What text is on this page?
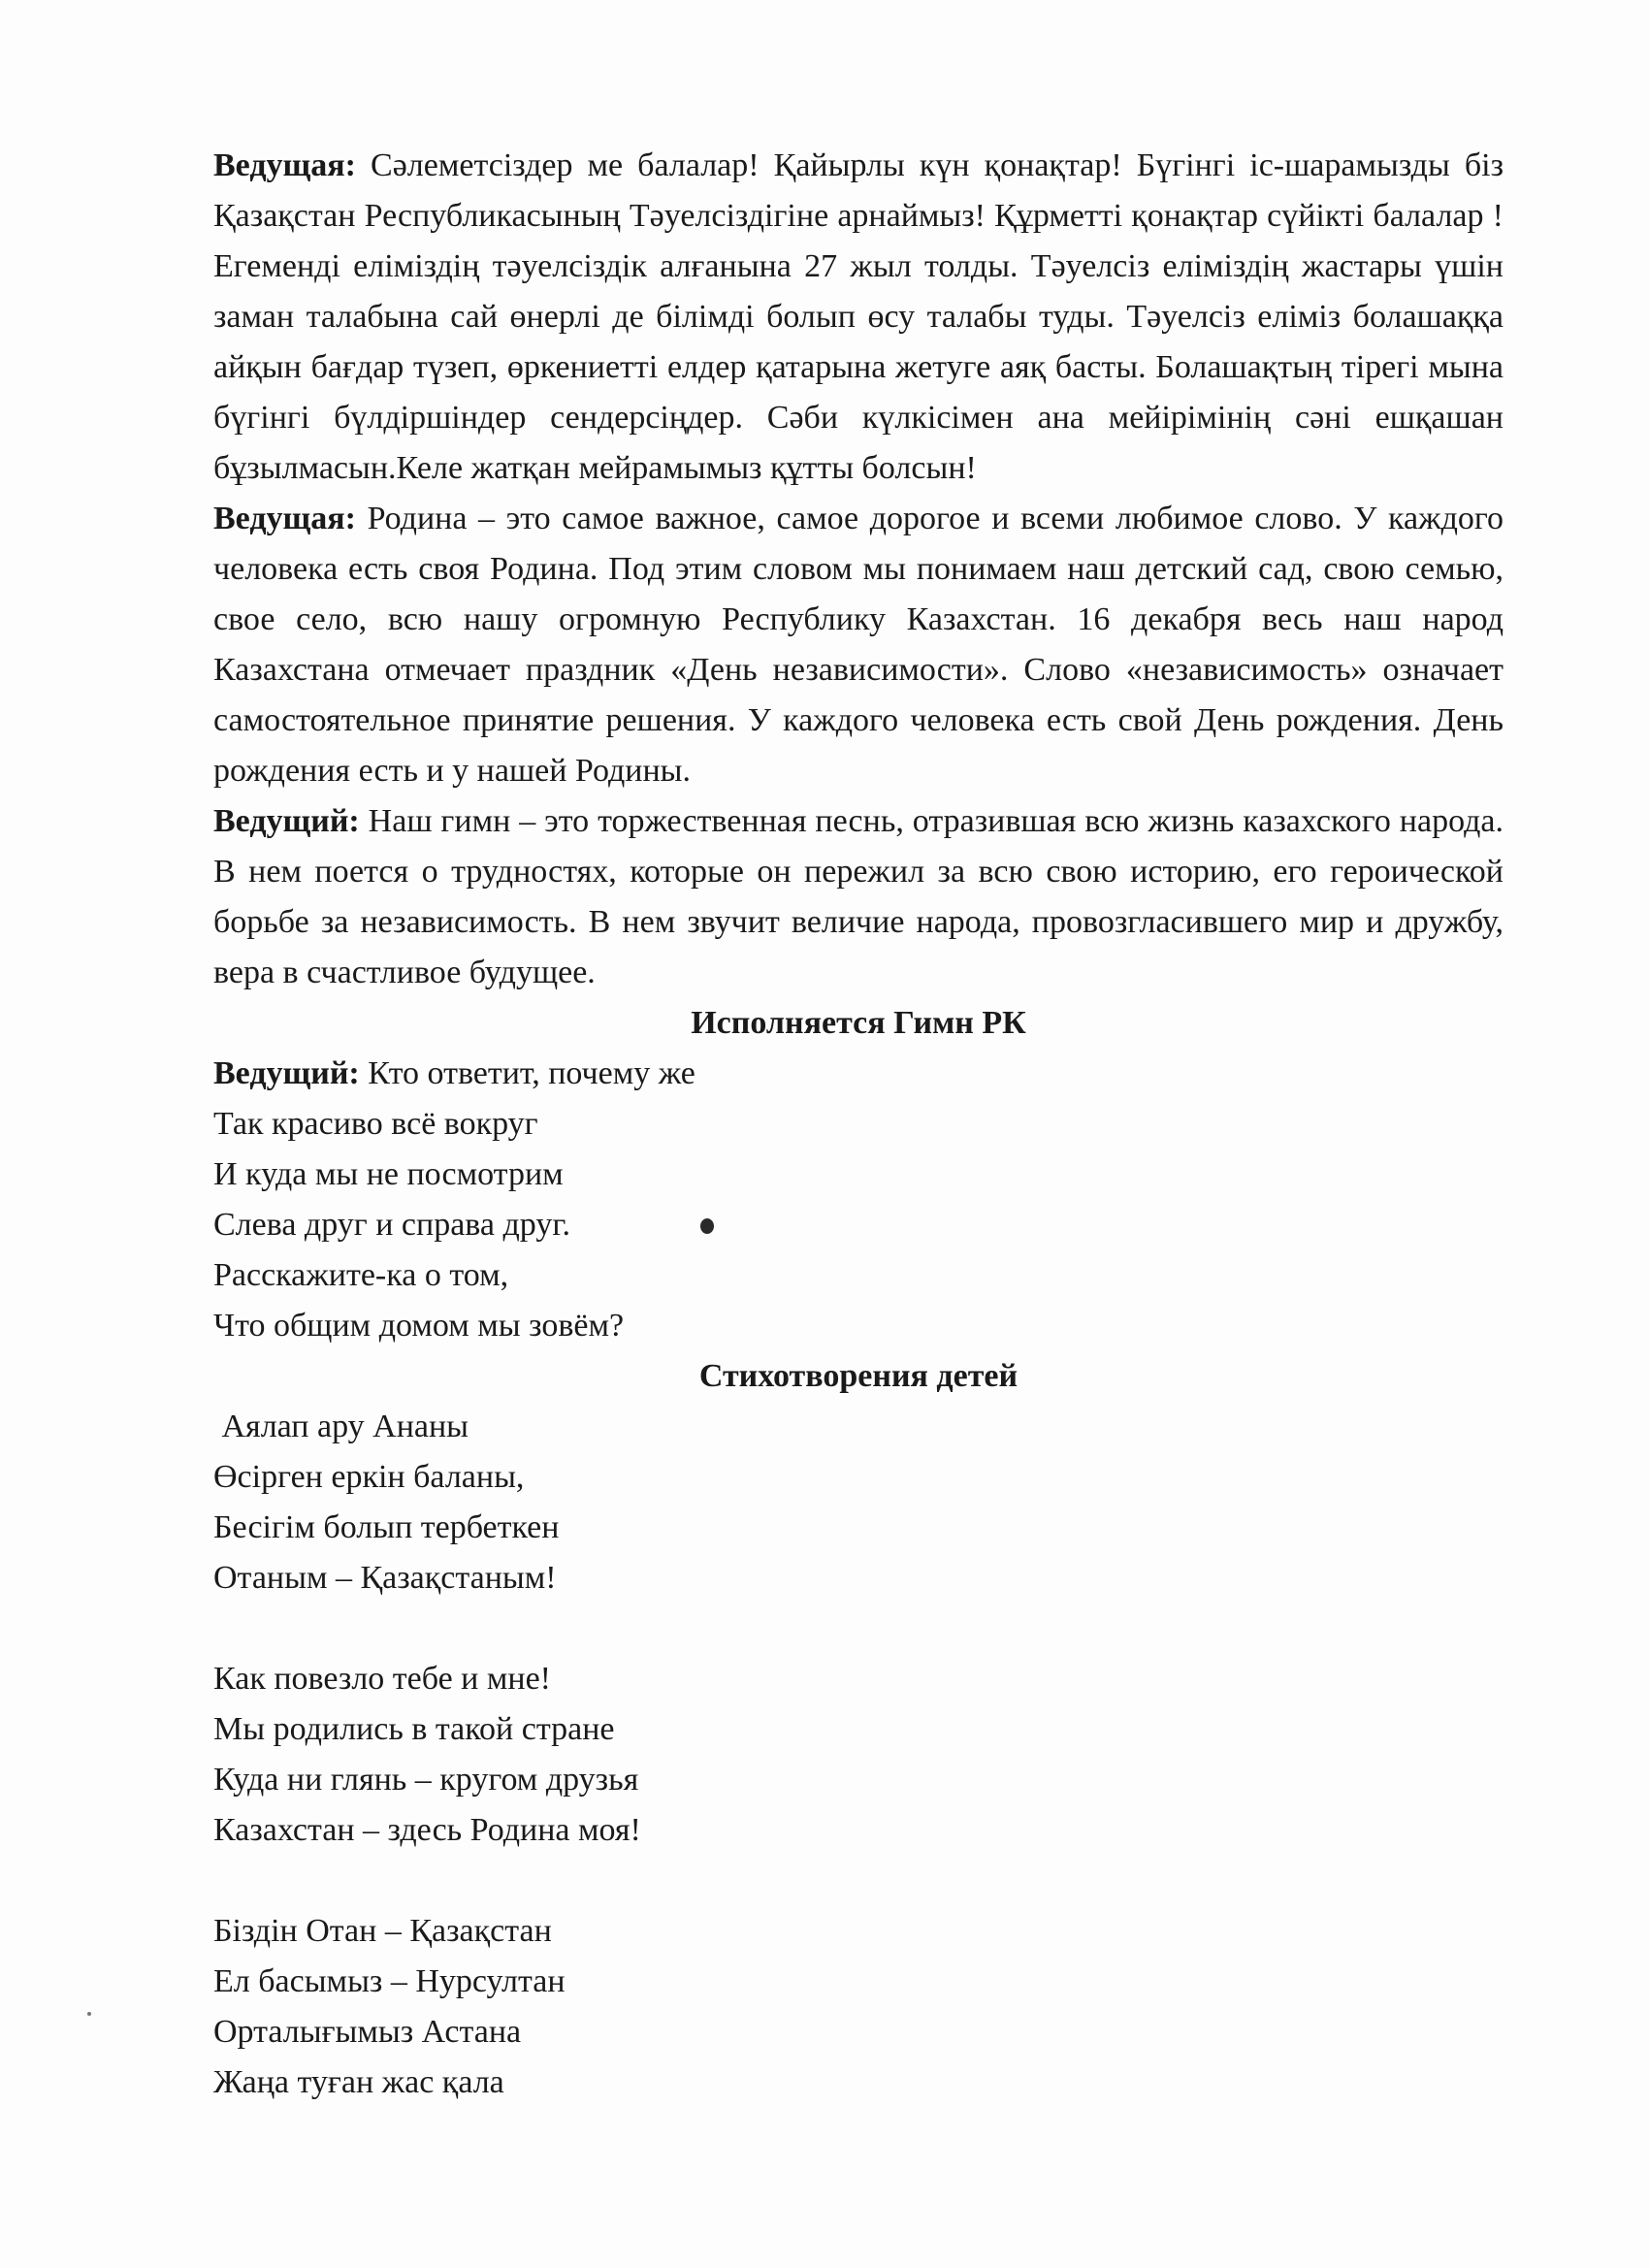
Ведущая: Сәлеметсіздер ме балалар! Қайырлы күн қонақтар! Бүгінгі іс-шарамызды біз Қазақстан Республикасының Тәуелсіздігіне арнаймыз! Құрметті қонақтар сүйікті балалар ! Егеменді еліміздің тәуелсіздік алғанына 27 жыл толды. Тәуелсіз еліміздің жастары үшін заман талабына сай өнерлі де білімді болып өсу талабы туды. Тәуелсіз еліміз болашаққа айқын бағдар түзеп, өркениетті елдер қатарына жетуге аяқ басты. Болашақтың тірегі мына бүгінгі бүлдіршіндер сендерсіңдер. Сәби күлкісімен ана мейірімінің сәні ешқашан бұзылмасын.Келе жатқан мейрамымыз құтты болсын!

Ведущая: Родина – это самое важное, самое дорогое и всеми любимое слово. У каждого человека есть своя Родина. Под этим словом мы понимаем наш детский сад, свою семью, свое село, всю нашу огромную Республику Казахстан. 16 декабря весь наш народ Казахстана отмечает праздник «День независимости». Слово «независимость» означает самостоятельное принятие решения. У каждого человека есть свой День рождения. День рождения есть и у нашей Родины.

Ведущий: Наш гимн – это торжественная песнь, отразившая всю жизнь казахского народа. В нем поется о трудностях, которые он пережил за всю свою историю, его героической борьбе за независимость. В нем звучит величие народа, провозгласившего мир и дружбу, вера в счастливое будущее.

Исполняется Гимн РК

Ведущий: Кто ответит, почему же

Так красиво всё вокруг

И куда мы не посмотрим

Слева друг и справа друг.

Расскажите-ка о том,

Что общим домом мы зовём?

Стихотворения детей

Аялап ару Ананы

Өсірген еркін баланы,

Бесігім болып тербеткен

Отаным – Қазақстаным!

Как повезло тебе и мне!

Мы родились в такой стране

Куда ни глянь – кругом друзья

Казахстан – здесь Родина моя!

Біздін Отан – Қазақстан

Ел басымыз – Нурсултан

Орталығымыз Астана

Жаңа туған жас қала
